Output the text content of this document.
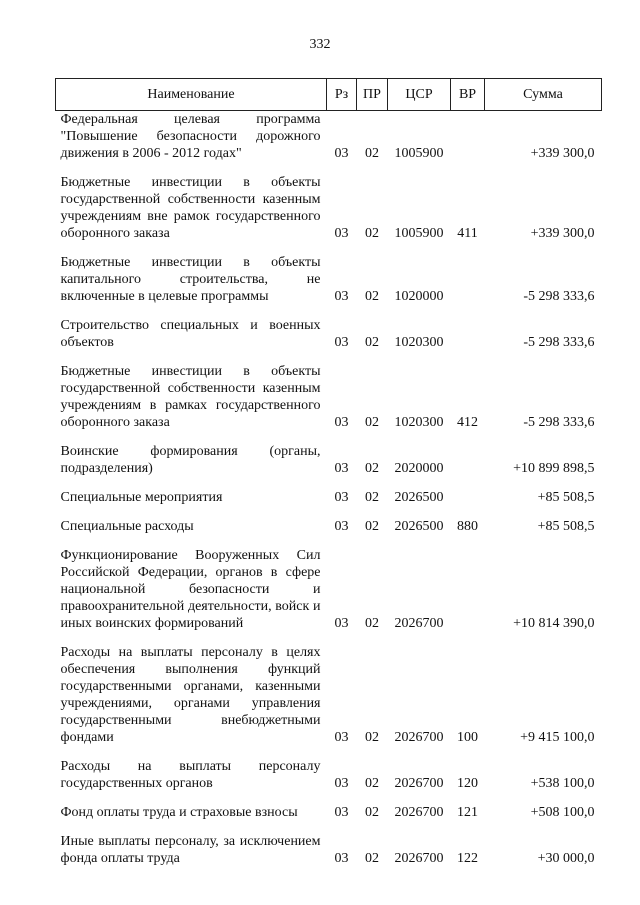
332
Наименование	Рз	ПР	ЦСР	ВР	Сумма
Федеральная целевая программа "Повышение безопасности дорожного движения в 2006 - 2012 годах"	03	02	1005900		+339 300,0

Бюджетные инвестиции в объекты государственной собственности казенным учреждениям вне рамок государственного оборонного заказа	03	02	1005900	411	+339 300,0

Бюджетные инвестиции в объекты капитального строительства, не включенные в целевые программы	03	02	1020000		-5 298 333,6

Строительство специальных и военных объектов	03	02	1020300		-5 298 333,6

Бюджетные инвестиции в объекты государственной собственности казенным учреждениям в рамках государственного оборонного заказа	03	02	1020300	412	-5 298 333,6

Воинские формирования (органы, подразделения)	03	02	2020000		+10 899 898,5

Специальные мероприятия	03	02	2026500		+85 508,5

Специальные расходы	03	02	2026500	880	+85 508,5

Функционирование Вооруженных Сил Российской Федерации, органов в сфере национальной безопасности и правоохранительной деятельности, войск и иных воинских формирований	03	02	2026700		+10 814 390,0

Расходы на выплаты персоналу в целях обеспечения выполнения функций государственными органами, казенными учреждениями, органами управления государственными внебюджетными фондами	03	02	2026700	100	+9 415 100,0

Расходы на выплаты персоналу государственных органов	03	02	2026700	120	+538 100,0

Фонд оплаты труда и страховые взносы	03	02	2026700	121	+508 100,0

Иные выплаты персоналу, за исключением фонда оплаты труда	03	02	2026700	122	+30 000,0
